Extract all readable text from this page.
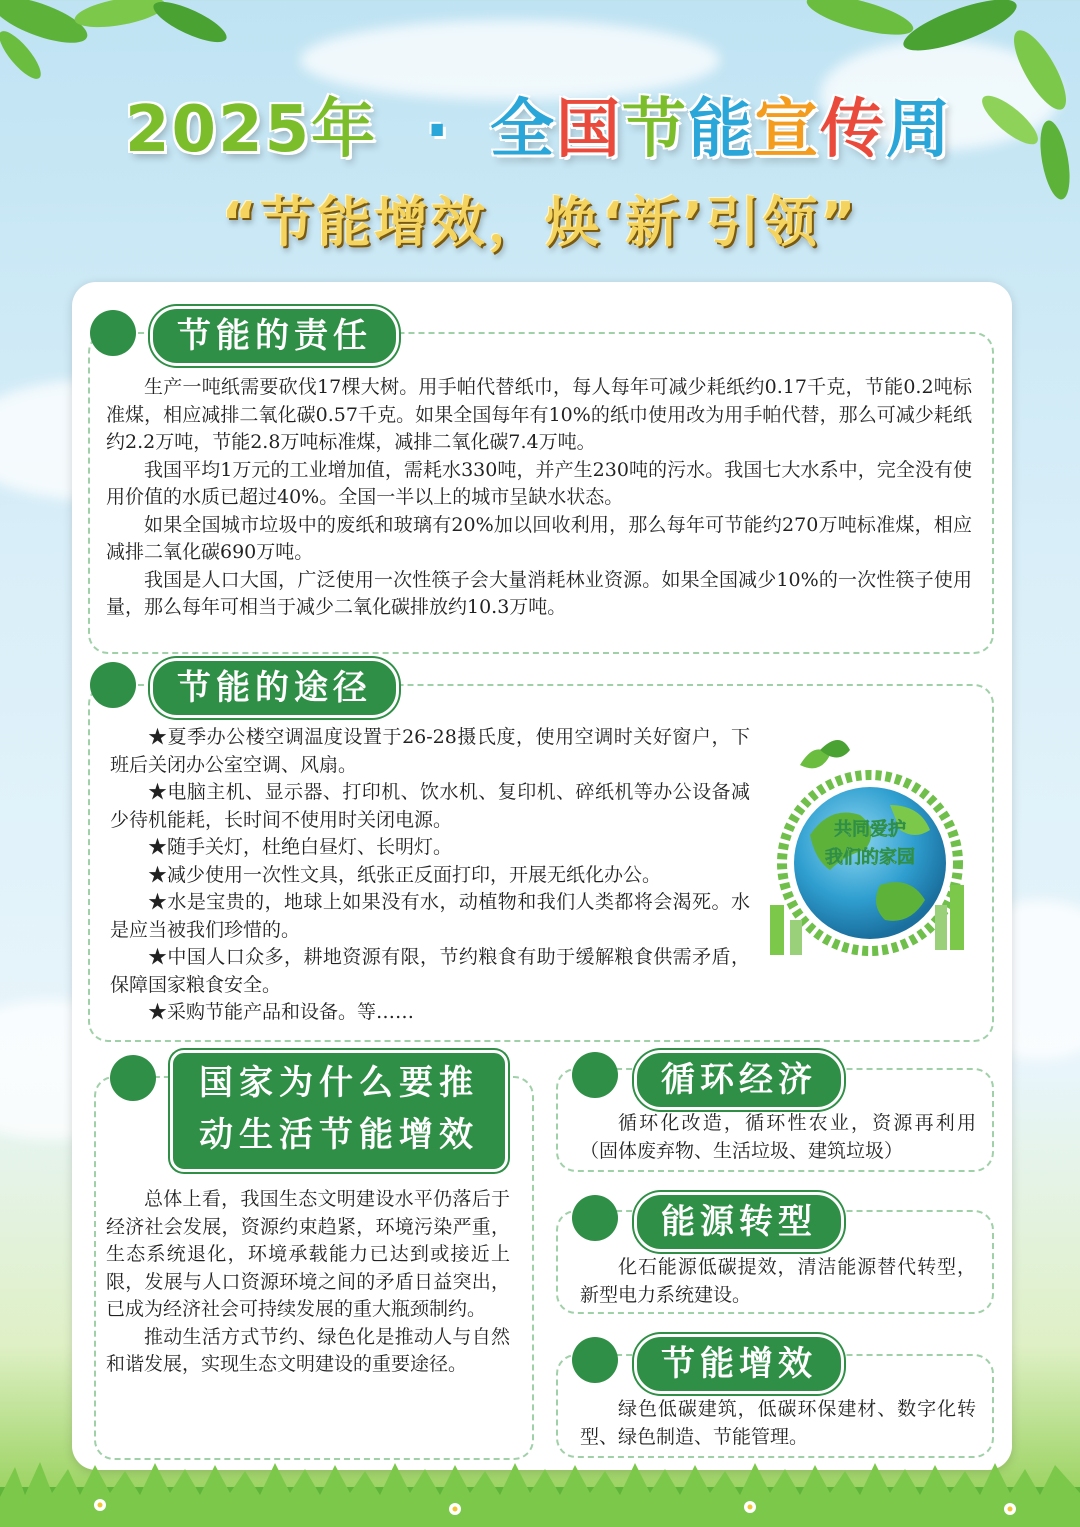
2025年 . 全国节能宣传周
“节能增效，焕‘新’引领”
节能的责任

生产一吨纸需要砍伐17棵大树。用手帕代替纸巾，每人每年可减少耗纸约0.17千克，节能0.2吨标准煤，相应减排二氧化碳0.57千克。如果全国每年有10%的纸巾使用改为用手帕代替，那么可减少耗纸约2.2万吨，节能2.8万吨标准煤，减排二氧化碳7.4万吨。

我国平均1万元的工业增加值，需耗水330吨，并产生230吨的污水。我国七大水系中，完全没有使用价值的水质已超过40%。全国一半以上的城市呈缺水状态。

如果全国城市垃圾中的废纸和玻璃有20%加以回收利用，那么每年可节能约270万吨标准煤，相应减排二氧化碳690万吨。

我国是人口大国，广泛使用一次性筷子会大量消耗林业资源。如果全国减少10%的一次性筷子使用量，那么每年可相当于减少二氧化碳排放约10.3万吨。

节能的途径

★夏季办公楼空调温度设置于26-28摄氏度，使用空调时关好窗户，下班后关闭办公室空调、风扇。

★电脑主机、显示器、打印机、饮水机、复印机、碎纸机等办公设备减少待机能耗，长时间不使用时关闭电源。

★随手关灯，杜绝白昼灯、长明灯。

★减少使用一次性文具，纸张正反面打印，开展无纸化办公。

★水是宝贵的，地球上如果没有水，动植物和我们人类都将会渴死。水是应当被我们珍惜的。

★中国人口众多，耕地资源有限，节约粮食有助于缓解粮食供需矛盾，保障国家粮食安全。

★采购节能产品和设备。等……

共同爱护
我们的家园
国家为什么要推
动生活节能增效

总体上看，我国生态文明建设水平仍落后于经济社会发展，资源约束趋紧，环境污染严重，生态系统退化，环境承载能力已达到或接近上限，发展与人口资源环境之间的矛盾日益突出，已成为经济社会可持续发展的重大瓶颈制约。

推动生活方式节约、绿色化是推动人与自然和谐发展，实现生态文明建设的重要途径。

循环经济

循环化改造，循环性农业，资源再利用（固体废弃物、生活垃圾、建筑垃圾）

能源转型

化石能源低碳提效，清洁能源替代转型，新型电力系统建设。

节能增效

绿色低碳建筑，低碳环保建材、数字化转型、绿色制造、节能管理。
